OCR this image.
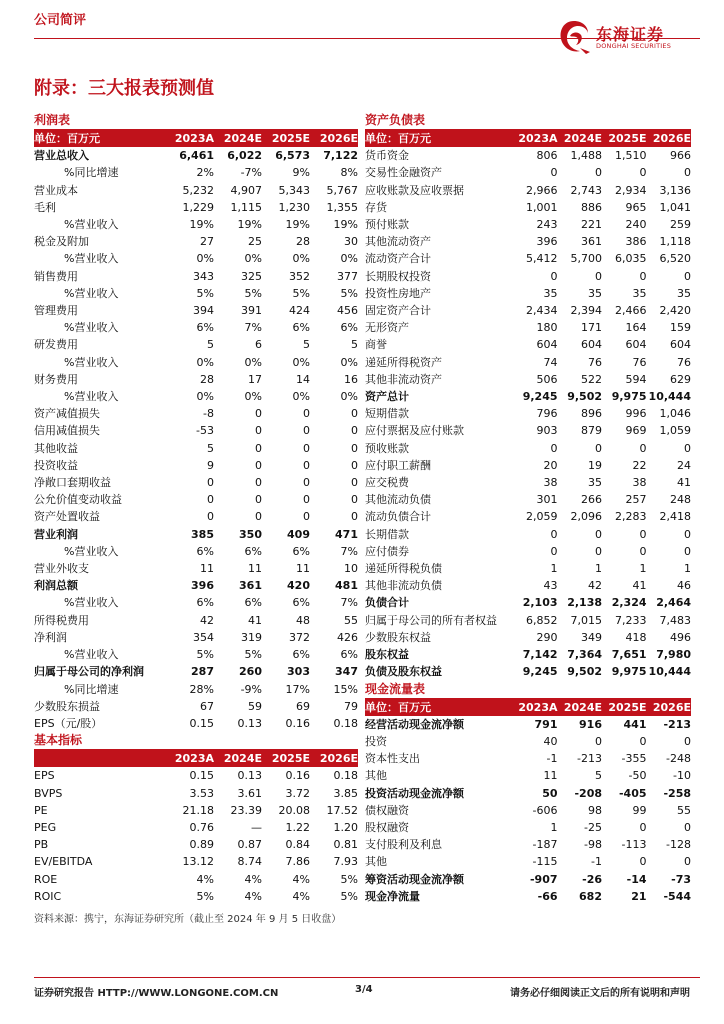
公司简评
东海证券
DONGHAI SECURITIES
附录：三大报表预测值
利润表
单位：百万元	2023A	2024E	2025E	2026E
营业总收入	6,461	6,022	6,573	7,122
%同比增速	2%	-7%	9%	8%
营业成本	5,232	4,907	5,343	5,767
毛利	1,229	1,115	1,230	1,355
%营业收入	19%	19%	19%	19%
税金及附加	27	25	28	30
%营业收入	0%	0%	0%	0%
销售费用	343	325	352	377
%营业收入	5%	5%	5%	5%
管理费用	394	391	424	456
%营业收入	6%	7%	6%	6%
研发费用	5	6	5	5
%营业收入	0%	0%	0%	0%
财务费用	28	17	14	16
%营业收入	0%	0%	0%	0%
资产减值损失	-8	0	0	0
信用减值损失	-53	0	0	0
其他收益	5	0	0	0
投资收益	9	0	0	0
净敞口套期收益	0	0	0	0
公允价值变动收益	0	0	0	0
资产处置收益	0	0	0	0
营业利润	385	350	409	471
%营业收入	6%	6%	6%	7%
营业外收支	11	11	11	10
利润总额	396	361	420	481
%营业收入	6%	6%	6%	7%
所得税费用	42	41	48	55
净利润	354	319	372	426
%营业收入	5%	5%	6%	6%
归属于母公司的净利润	287	260	303	347
%同比增速	28%	-9%	17%	15%
少数股东损益	67	59	69	79
EPS（元/股）	0.15	0.13	0.16	0.18
基本指标
	2023A	2024E	2025E	2026E
EPS	0.15	0.13	0.16	0.18
BVPS	3.53	3.61	3.72	3.85
PE	21.18	23.39	20.08	17.52
PEG	0.76	—	1.22	1.20
PB	0.89	0.87	0.84	0.81
EV/EBITDA	13.12	8.74	7.86	7.93
ROE	4%	4%	4%	5%
ROIC	5%	4%	4%	5%
资产负债表
单位：百万元	2023A	2024E	2025E	2026E
货币资金	806	1,488	1,510	966
交易性金融资产	0	0	0	0
应收账款及应收票据	2,966	2,743	2,934	3,136
存货	1,001	886	965	1,041
预付账款	243	221	240	259
其他流动资产	396	361	386	1,118
流动资产合计	5,412	5,700	6,035	6,520
长期股权投资	0	0	0	0
投资性房地产	35	35	35	35
固定资产合计	2,434	2,394	2,466	2,420
无形资产	180	171	164	159
商誉	604	604	604	604
递延所得税资产	74	76	76	76
其他非流动资产	506	522	594	629
资产总计	9,245	9,502	9,975	10,444
短期借款	796	896	996	1,046
应付票据及应付账款	903	879	969	1,059
预收账款	0	0	0	0
应付职工薪酬	20	19	22	24
应交税费	38	35	38	41
其他流动负债	301	266	257	248
流动负债合计	2,059	2,096	2,283	2,418
长期借款	0	0	0	0
应付债券	0	0	0	0
递延所得税负债	1	1	1	1
其他非流动负债	43	42	41	46
负债合计	2,103	2,138	2,324	2,464
归属于母公司的所有者权益	6,852	7,015	7,233	7,483
少数股东权益	290	349	418	496
股东权益	7,142	7,364	7,651	7,980
负债及股东权益	9,245	9,502	9,975	10,444
现金流量表
单位：百万元	2023A	2024E	2025E	2026E
经营活动现金流净额	791	916	441	-213
投资	40	0	0	0
资本性支出	-1	-213	-355	-248
其他	11	5	-50	-10
投资活动现金流净额	50	-208	-405	-258
债权融资	-606	98	99	55
股权融资	1	-25	0	0
支付股利及利息	-187	-98	-113	-128
其他	-115	-1	0	0
筹资活动现金流净额	-907	-26	-14	-73
现金净流量	-66	682	21	-544
资料来源：携宁，东海证券研究所（截止至 2024 年 9 月 5 日收盘）
证券研究报告 HTTP://WWW.LONGONE.COM.CN	3/4	请务必仔细阅读正文后的所有说明和声明
